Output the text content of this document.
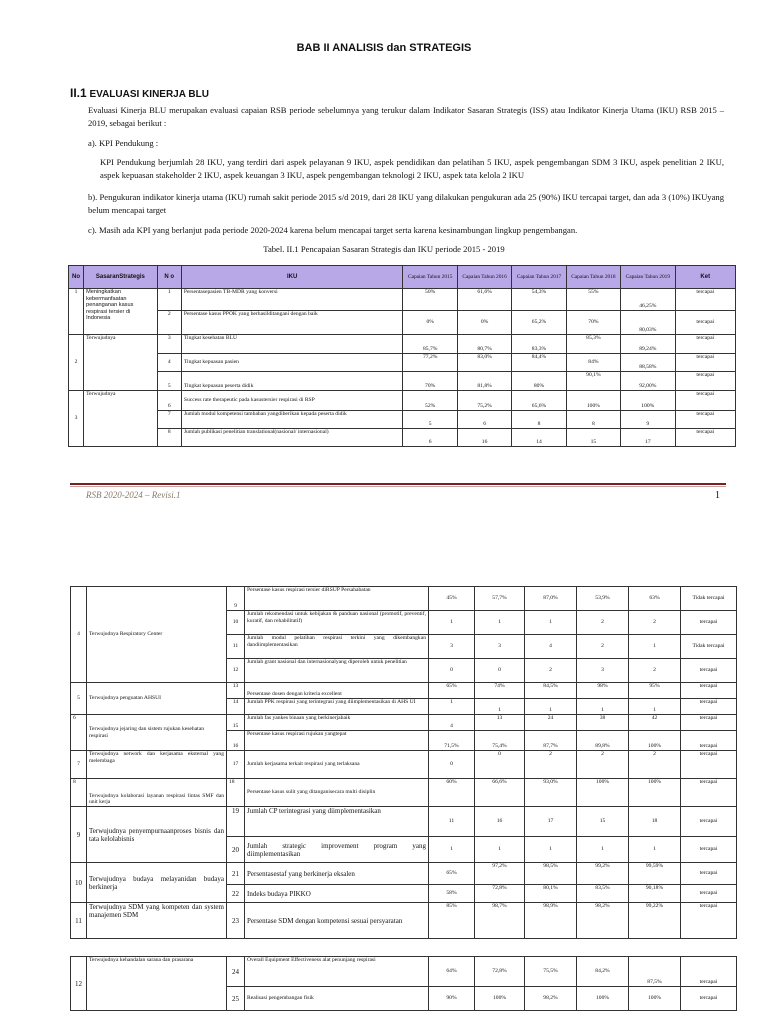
BAB II ANALISIS dan STRATEGIS
II.1 EVALUASI KINERJA BLU
Evaluasi Kinerja BLU merupakan evaluasi capaian RSB periode sebelumnya yang terukur dalam Indikator Sasaran Strategis (ISS) atau Indikator Kinerja Utama (IKU) RSB 2015 – 2019, sebagai berikut :
a). KPI Pendukung :
KPI Pendukung berjumlah 28 IKU, yang terdiri dari aspek pelayanan 9 IKU, aspek pendidikan dan pelatihan 5 IKU, aspek pengembangan SDM 3 IKU, aspek penelitian 2 IKU, aspek kepuasan stakeholder 2 IKU, aspek keuangan 3 IKU, aspek pengembangan teknologi 2 IKU, aspek tata kelola 2 IKU
b). Pengukuran indikator kinerja utama (IKU) rumah sakit periode 2015 s/d 2019, dari 28 IKU yang dilakukan pengukuran ada 25 (90%) IKU tercapai target, dan ada 3 (10%) IKUyang belum mencapai target
c). Masih ada KPI yang berlanjut pada periode 2020-2024 karena belum mencapai target serta karena kesinambungan lingkup pengembangan.
Tabel. II.1 Pencapaian Sasaran Strategis dan IKU periode 2015 - 2019
No	SasaranStrategis	N o	IKU	Capaian Tahun 2015	Capaian Tahun 2016	Capaian Tahun 2017	Capaian Tahun 2018	Capaian Tahun 2019	Ket
1	Meningkatkan kebermanfaatan penanganan kasus respirasi tersier di Indonesia	1	Persentasepasien TB-MDR yang konversi	50%	61,6%	54,3%	55%	46,25%	tercapai
		2	Persentase kasus PPOK yang berhasilditangani dengan baik	0%	0%	65,2%	70%	80,03%	tercapai
2	Terwujudnya	3	Tingkat kesehatan BLU	85,7%	80,7%	83,3%	85,3%	89,24%	tercapai
		4	Tingkat kepuasan pasien	77,2%	83,0%	84,4%	84%	88,58%	tercapai
		5	Tingkat kepuasan peserta didik	70%	81,8%	80%	90,1%	92,00%	tercapai
3	Terwujudnya	6	Success rate therapeutic pada kasustersier respirasi di RSP	52%	75,2%	65,6%	100%	100%	tercapai
		7	Jumlah modul kompetensi tambahan yangdiberikan kepada peserta didik	5	6	8	8	9	tercapai
		8	Jumlah publikasi penelitian translational(nasional/ internasional)	6	16	14	15	17	tercapai
RSB 2020-2024 – Revisi.1	1
4	Terwujudnya Respiratory Center	9	Persentase kasus respirasi tersier diRSUP Persahabatan	45%	57,7%	87,0%	53,9%	63%	Tidak tercapai
		10	Jumlah rekomendasi untuk kebijakan & panduan nasional (promotif, preventif, kuratif, dan rehabilitatif)	1	1	1	2	2	tercapai
		11	Jumlah modul pelatihan respirasi terkini yang dikembangkan dandiimplementasikan	3	3	4	2	1	Tidak tercapai
		12	Jumlah grant nasional dan internasionalyang diperoleh untuk penelitian	0	0	2	3	2	tercapai
5	Terwujudnya penguatan AHSUI	13	Persentase dosen dengan kriteria excellent	65%	74%	84,5%	98%	95%	tercapai
		14	Jumlah PPK respirasi yang terintegrasi yang diimplementasikan di AHS UI	1	1	1	1	1	tercapai
6	Terwujudnya jejaring dan sistem rujukan kesehatan respirasi	15	Jumlah fas yankes binaan yang berkinerjabaik	4	13	24	38	42	tercapai
		16	Persentase kasus respirasi rujukan yangtepat	71,5%	75,4%	87,7%	89,8%	100%	tercapai
7	Terwujudnya network dan kerjasama eksternal yang melembaga	17	Jumlah kerjasama terkait respirasi yang terlaksana	0	0	2	2	2	tercapai
8	Terwujudnya kolaborasi layanan respirasi lintas SMF dan unit kerja	18	Persentase kasus sulit yang ditanganisecara multi disiplin	60%	66,6%	93,0%	100%	100%	tercapai
9	Terwujudnya penyempurnaanproses bisnis dan tata kelolabisnis	19	Jumlah CP terintegrasi yang diimplementasikan	11	16	17	15	18	tercapai
		20	Jumlah strategic improvement program yang diimplementasikan	1	1	1	1	1	tercapai
10	Terwujudnya budaya melayanidan budaya berkinerja	21	Persentasestaf yang berkinerja eksalen	65%	97,2%	98,5%	99,2%	99,59%	tercapai
		22	Indeks budaya PIKKO	58%	72,8%	80,1%	83,5%	90,18%	tercapai
11	Terwujudnya SDM yang kompeten dan system manajemen SDM	23	Persentase SDM dengan kompetensi sesuai persyaratan	85%	98,7%	98,9%	98,2%	99,22%	tercapai
12	Terwujudnya kehandalan sarana dan prasarana	24	Overall Equipment Effectiveness alat penunjang respirasi	64%	72,8%	75,5%	84,2%	87,5%	tercapai
		25	Realisasi pengembangan fisik	90%	100%	98,2%	100%	100%	tercapai
